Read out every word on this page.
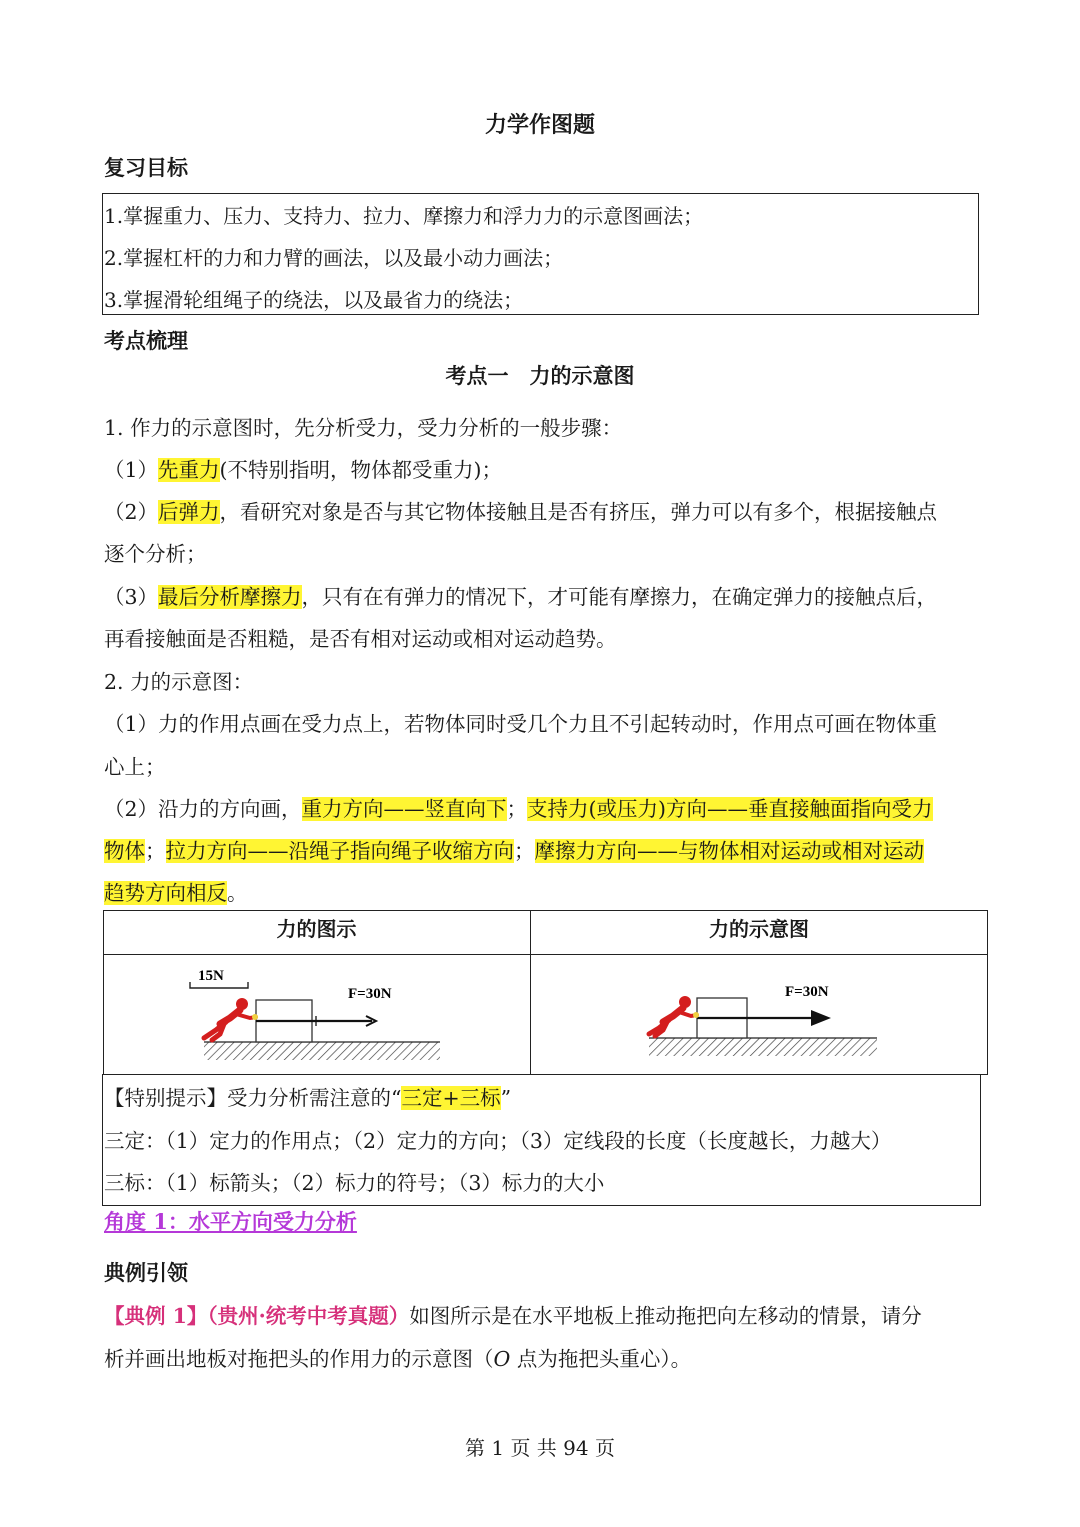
力学作图题
复习目标
1.掌握重力、压力、支持力、拉力、摩擦力和浮力力的示意图画法；
2.掌握杠杆的力和力臂的画法，以及最小动力画法；
3.掌握滑轮组绳子的绕法，以及最省力的绕法；
考点梳理
考点一　力的示意图
1. 作力的示意图时，先分析受力，受力分析的一般步骤：
（1）先重力(不特别指明，物体都受重力)；
（2）后弹力，看研究对象是否与其它物体接触且是否有挤压，弹力可以有多个，根据接触点
逐个分析；
（3）最后分析摩擦力，只有在有弹力的情况下，才可能有摩擦力，在确定弹力的接触点后，
再看接触面是否粗糙，是否有相对运动或相对运动趋势。
2. 力的示意图：
（1）力的作用点画在受力点上，若物体同时受几个力且不引起转动时，作用点可画在物体重
心上；
（2）沿力的方向画，重力方向——竖直向下；支持力(或压力)方向——垂直接触面指向受力
物体；拉力方向——沿绳子指向绳子收缩方向；摩擦力方向——与物体相对运动或相对运动
趋势方向相反。
力的图示	力的示意图
15N
F=30N	F=30N
【特别提示】受力分析需注意的“三定+三标”
三定：（1）定力的作用点；（2）定力的方向；（3）定线段的长度（长度越长，力越大）
三标：（1）标箭头；（2）标力的符号；（3）标力的大小
角度 1：水平方向受力分析
典例引领
【典例 1】（贵州·统考中考真题）如图所示是在水平地板上推动拖把向左移动的情景，请分
析并画出地板对拖把头的作用力的示意图（O 点为拖把头重心）。
第 1 页 共 94 页
